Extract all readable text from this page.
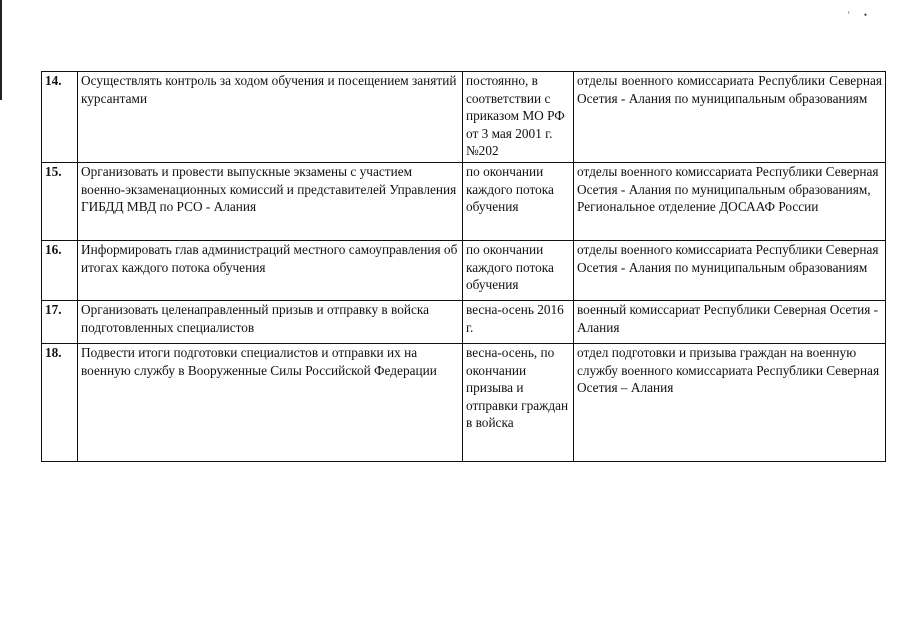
' •
14.	Осуществлять контроль за ходом обучения и посещением занятий курсантами	постоянно, в соответствии с приказом МО РФ от 3 мая 2001 г. №202	отделы военного комиссариата Республики Северная Осетия - Алания по муниципальным образованиям
15.	Организовать и провести выпускные экзамены с участием военно-экзаменационных комиссий и представителей Управления ГИБДД МВД по РСО - Алания	по окончании каждого потока обучения	отделы военного комиссариата Республики Северная Осетия - Алания по муниципальным образованиям, Региональное отделение ДОСААФ России
16.	Информировать глав администраций местного самоуправления об итогах каждого потока обучения	по окончании каждого потока обучения	отделы военного комиссариата Республики Северная Осетия - Алания по муниципальным образованиям
17.	Организовать целенаправленный призыв и отправку в войска подготовленных специалистов	весна-осень 2016 г.	военный комиссариат Республики Северная Осетия - Алания
18.	Подвести итоги подготовки специалистов и отправки их на военную службу в Вооруженные Силы Российской Федерации	весна-осень, по окончании призыва и отправки граждан в войска	отдел подготовки и призыва граждан на военную службу военного комиссариата Республики Северная Осетия – Алания
